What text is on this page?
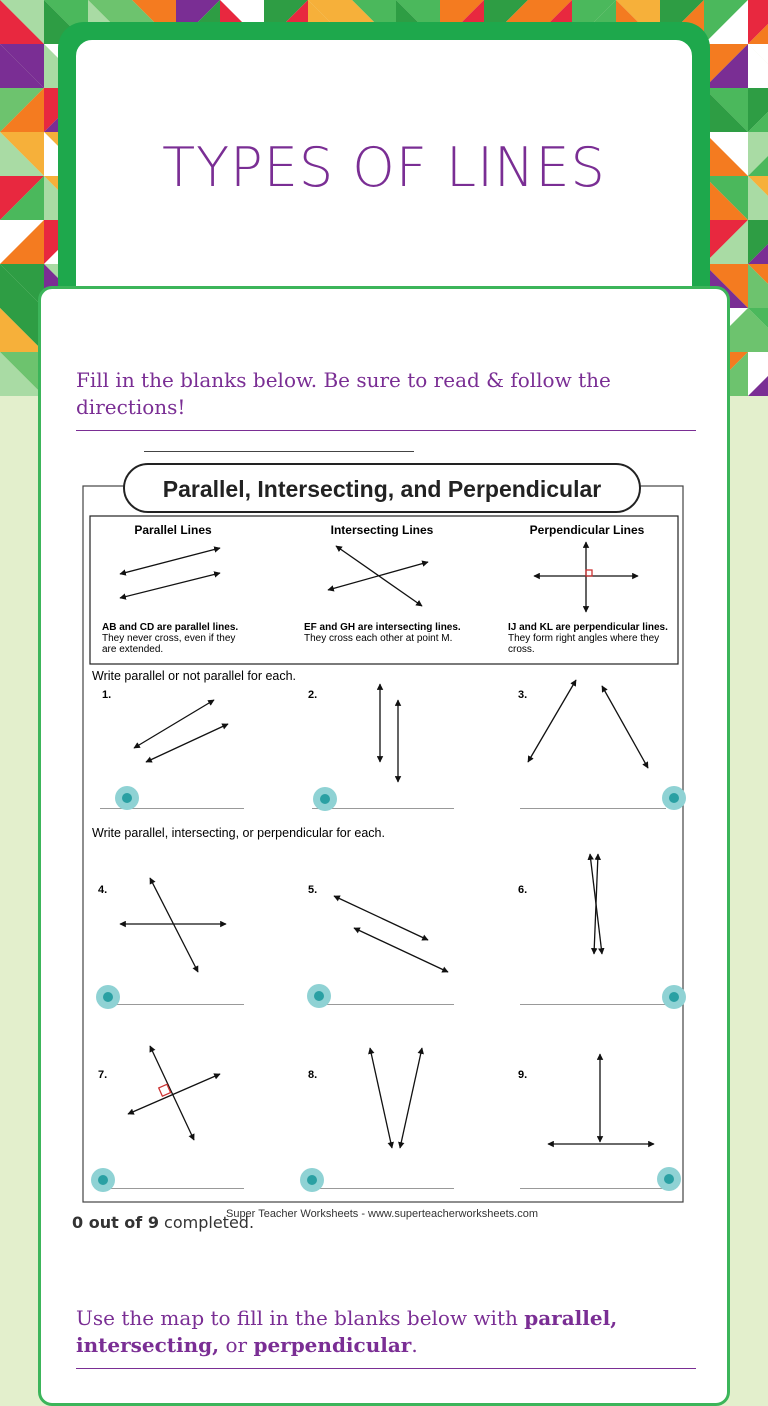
TYPES OF LINES
Fill in the blanks below. Be sure to read & follow the directions!
Parallel, Intersecting, and Perpendicular
Parallel Lines	Intersecting Lines	Perpendicular Lines
AB and CD are parallel lines.
They never cross, even if they
are extended.
EF and GH are intersecting lines.
They cross each other at point M.
IJ and KL are perpendicular lines.
They form right angles where they
cross.
Write parallel or not parallel for each.
Write parallel, intersecting, or perpendicular for each.
1.	2.	3.
4.	5.	6.
7.	8.	9.
Super Teacher Worksheets - www.superteacherworksheets.com
0 out of 9 completed.
Use the map to fill in the blanks below with parallel, intersecting, or perpendicular.
